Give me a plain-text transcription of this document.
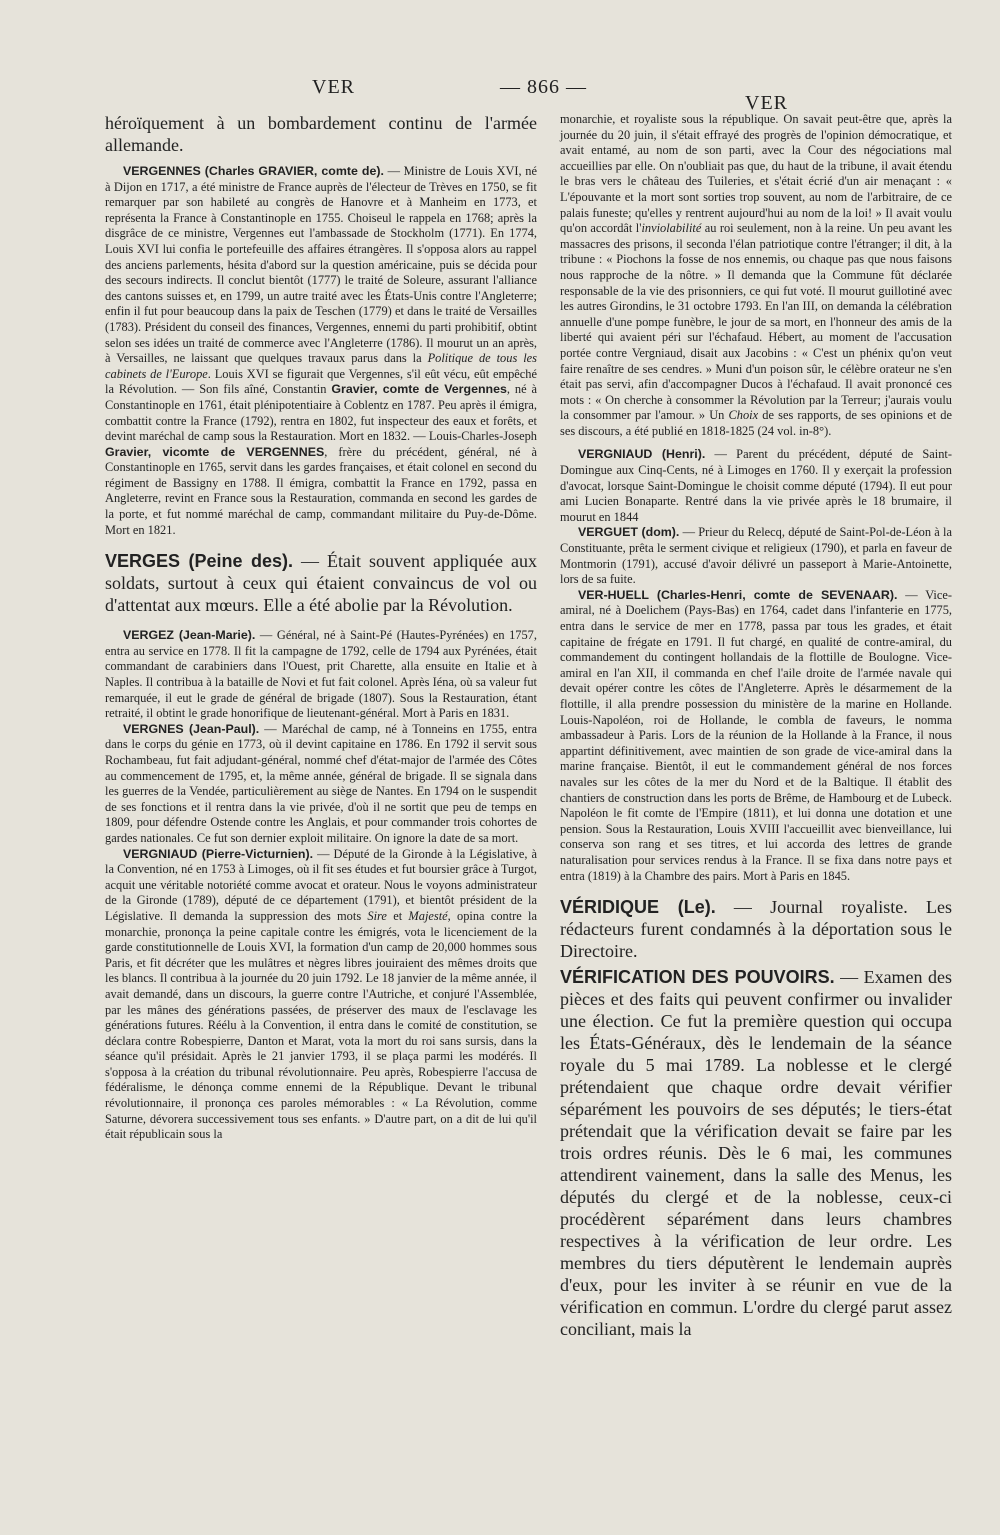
VER	— 866 —
VER

héroïquement à un bombardement continu de l'armée allemande.

VERGENNES (Charles GRAVIER, comte de). — Ministre de Louis XVI, né à Dijon en 1717, a été ministre de France auprès de l'électeur de Trèves en 1750, se fit remarquer par son habileté au congrès de Hanovre et à Manheim en 1773, et représenta la France à Constantinople en 1755. Choiseul le rappela en 1768; après la disgrâce de ce ministre, Vergennes eut l'ambassade de Stockholm (1771). En 1774, Louis XVI lui confia le portefeuille des affaires étrangères. Il s'opposa alors au rappel des anciens parlements, hésita d'abord sur la question américaine, puis se décida pour des secours indirects. Il conclut bientôt (1777) le traité de Soleure, assurant l'alliance des cantons suisses et, en 1799, un autre traité avec les États-Unis contre l'Angleterre; enfin il fut pour beaucoup dans la paix de Teschen (1779) et dans le traité de Versailles (1783). Président du conseil des finances, Vergennes, ennemi du parti prohibitif, obtint selon ses idées un traité de commerce avec l'Angleterre (1786). Il mourut un an après, à Versailles, ne laissant que quelques travaux parus dans la Politique de tous les cabinets de l'Europe. Louis XVI se figurait que Vergennes, s'il eût vécu, eût empêché la Révolution. — Son fils aîné, Constantin Gravier, comte de Vergennes, né à Constantinople en 1761, était plénipotentiaire à Coblentz en 1787. Peu après il émigra, combattit contre la France (1792), rentra en 1802, fut inspecteur des eaux et forêts, et devint maréchal de camp sous la Restauration. Mort en 1832. — Louis-Charles-Joseph Gravier, vicomte de VERGENNES, frère du précédent, général, né à Constantinople en 1765, servit dans les gardes françaises, et était colonel en second du régiment de Bassigny en 1788. Il émigra, combattit la France en 1792, passa en Angleterre, revint en France sous la Restauration, commanda en second les gardes de la porte, et fut nommé maréchal de camp, commandant militaire du Puy-de-Dôme. Mort en 1821.

VERGES (Peine des). — Était souvent appliquée aux soldats, surtout à ceux qui étaient convaincus de vol ou d'attentat aux mœurs. Elle a été abolie par la Révolution.

VERGEZ (Jean-Marie). — Général, né à Saint-Pé (Hautes-Pyrénées) en 1757, entra au service en 1778. Il fit la campagne de 1792, celle de 1794 aux Pyrénées, était commandant de carabiniers dans l'Ouest, prit Charette, alla ensuite en Italie et à Naples. Il contribua à la bataille de Novi et fut fait colonel. Après Iéna, où sa valeur fut remarquée, il eut le grade de général de brigade (1807). Sous la Restauration, étant retraité, il obtint le grade honorifique de lieutenant-général. Mort à Paris en 1831.

VERGNES (Jean-Paul). — Maréchal de camp, né à Tonneins en 1755, entra dans le corps du génie en 1773, où il devint capitaine en 1786. En 1792 il servit sous Rochambeau, fut fait adjudant-général, nommé chef d'état-major de l'armée des Côtes au commencement de 1795, et, la même année, général de brigade. Il se signala dans les guerres de la Vendée, particulièrement au siège de Nantes. En 1794 on le suspendit de ses fonctions et il rentra dans la vie privée, d'où il ne sortit que peu de temps en 1809, pour défendre Ostende contre les Anglais, et pour commander trois cohortes de gardes nationales. Ce fut son dernier exploit militaire. On ignore la date de sa mort.

VERGNIAUD (Pierre-Victurnien). — Député de la Gironde à la Législative, à la Convention, né en 1753 à Limoges, où il fit ses études et fut boursier grâce à Turgot, acquit une véritable notoriété comme avocat et orateur. Nous le voyons administrateur de la Gironde (1789), député de ce département (1791), et bientôt président de la Législative. Il demanda la suppression des mots Sire et Majesté, opina contre la monarchie, prononça la peine capitale contre les émigrés, vota le licenciement de la garde constitutionnelle de Louis XVI, la formation d'un camp de 20,000 hommes sous Paris, et fit décréter que les mulâtres et nègres libres jouiraient des mêmes droits que les blancs. Il contribua à la journée du 20 juin 1792. Le 18 janvier de la même année, il avait demandé, dans un discours, la guerre contre l'Autriche, et conjuré l'Assemblée, par les mânes des générations passées, de préserver des maux de l'esclavage les générations futures. Réélu à la Convention, il entra dans le comité de constitution, se déclara contre Robespierre, Danton et Marat, vota la mort du roi sans sursis, dans la séance qu'il présidait. Après le 21 janvier 1793, il se plaça parmi les modérés. Il s'opposa à la création du tribunal révolutionnaire. Peu après, Robespierre l'accusa de fédéralisme, le dénonça comme ennemi de la République. Devant le tribunal révolutionnaire, il prononça ces paroles mémorables : « La Révolution, comme Saturne, dévorera successivement tous ses enfants. » D'autre part, on a dit de lui qu'il était républicain sous la

monarchie, et royaliste sous la république. On savait peut-être que, après la journée du 20 juin, il s'était effrayé des progrès de l'opinion démocratique, et avait entamé, au nom de son parti, avec la Cour des négociations mal accueillies par elle. On n'oubliait pas que, du haut de la tribune, il avait étendu le bras vers le château des Tuileries, et s'était écrié d'un air menaçant : « L'épouvante et la mort sont sorties trop souvent, au nom de l'arbitraire, de ce palais funeste; qu'elles y rentrent aujourd'hui au nom de la loi! » Il avait voulu qu'on accordât l'inviolabilité au roi seulement, non à la reine. Un peu avant les massacres des prisons, il seconda l'élan patriotique contre l'étranger; il dit, à la tribune : « Piochons la fosse de nos ennemis, ou chaque pas que nous faisons nous rapproche de la nôtre. » Il demanda que la Commune fût déclarée responsable de la vie des prisonniers, ce qui fut voté. Il mourut guillotiné avec les autres Girondins, le 31 octobre 1793. En l'an III, on demanda la célébration annuelle d'une pompe funèbre, le jour de sa mort, en l'honneur des amis de la liberté qui avaient péri sur l'échafaud. Hébert, au moment de l'accusation portée contre Vergniaud, disait aux Jacobins : « C'est un phénix qu'on veut faire renaître de ses cendres. » Muni d'un poison sûr, le célèbre orateur ne s'en était pas servi, afin d'accompagner Ducos à l'échafaud. Il avait prononcé ces mots : « On cherche à consommer la Révolution par la Terreur; j'aurais voulu la consommer par l'amour. » Un Choix de ses rapports, de ses opinions et de ses discours, a été publié en 1818-1825 (24 vol. in-8°).

VERGNIAUD (Henri). — Parent du précédent, député de Saint-Domingue aux Cinq-Cents, né à Limoges en 1760. Il y exerçait la profession d'avocat, lorsque Saint-Domingue le choisit comme député (1794). Il eut pour ami Lucien Bonaparte. Rentré dans la vie privée après le 18 brumaire, il mourut en 1844

VERGUET (dom). — Prieur du Relecq, député de Saint-Pol-de-Léon à la Constituante, prêta le serment civique et religieux (1790), et parla en faveur de Montmorin (1791), accusé d'avoir délivré un passeport à Marie-Antoinette, lors de sa fuite.

VER-HUELL (Charles-Henri, comte de SEVENAAR). — Vice-amiral, né à Doelichem (Pays-Bas) en 1764, cadet dans l'infanterie en 1775, entra dans le service de mer en 1778, passa par tous les grades, et était capitaine de frégate en 1791. Il fut chargé, en qualité de contre-amiral, du commandement du contingent hollandais de la flottille de Boulogne. Vice-amiral en l'an XII, il commanda en chef l'aile droite de l'armée navale qui devait opérer contre les côtes de l'Angleterre. Après le désarmement de la flottille, il alla prendre possession du ministère de la marine en Hollande. Louis-Napoléon, roi de Hollande, le combla de faveurs, le nomma ambassadeur à Paris. Lors de la réunion de la Hollande à la France, il nous appartint définitivement, avec maintien de son grade de vice-amiral dans la marine française. Bientôt, il eut le commandement général de nos forces navales sur les côtes de la mer du Nord et de la Baltique. Il établit des chantiers de construction dans les ports de Brême, de Hambourg et de Lubeck. Napoléon le fit comte de l'Empire (1811), et lui donna une dotation et une pension. Sous la Restauration, Louis XVIII l'accueillit avec bienveillance, lui conserva son rang et ses titres, et lui accorda des lettres de grande naturalisation pour services rendus à la France. Il se fixa dans notre pays et entra (1819) à la Chambre des pairs. Mort à Paris en 1845.

VÉRIDIQUE (Le). — Journal royaliste. Les rédacteurs furent condamnés à la déportation sous le Directoire.

VÉRIFICATION DES POUVOIRS. — Examen des pièces et des faits qui peuvent confirmer ou invalider une élection. Ce fut la première question qui occupa les États-Généraux, dès le lendemain de la séance royale du 5 mai 1789. La noblesse et le clergé prétendaient que chaque ordre devait vérifier séparément les pouvoirs de ses députés; le tiers-état prétendait que la vérification devait se faire par les trois ordres réunis. Dès le 6 mai, les communes attendirent vainement, dans la salle des Menus, les députés du clergé et de la noblesse, ceux-ci procédèrent séparément dans leurs chambres respectives à la vérification de leur ordre. Les membres du tiers députèrent le lendemain auprès d'eux, pour les inviter à se réunir en vue de la vérification en commun. L'ordre du clergé parut assez conciliant, mais la
